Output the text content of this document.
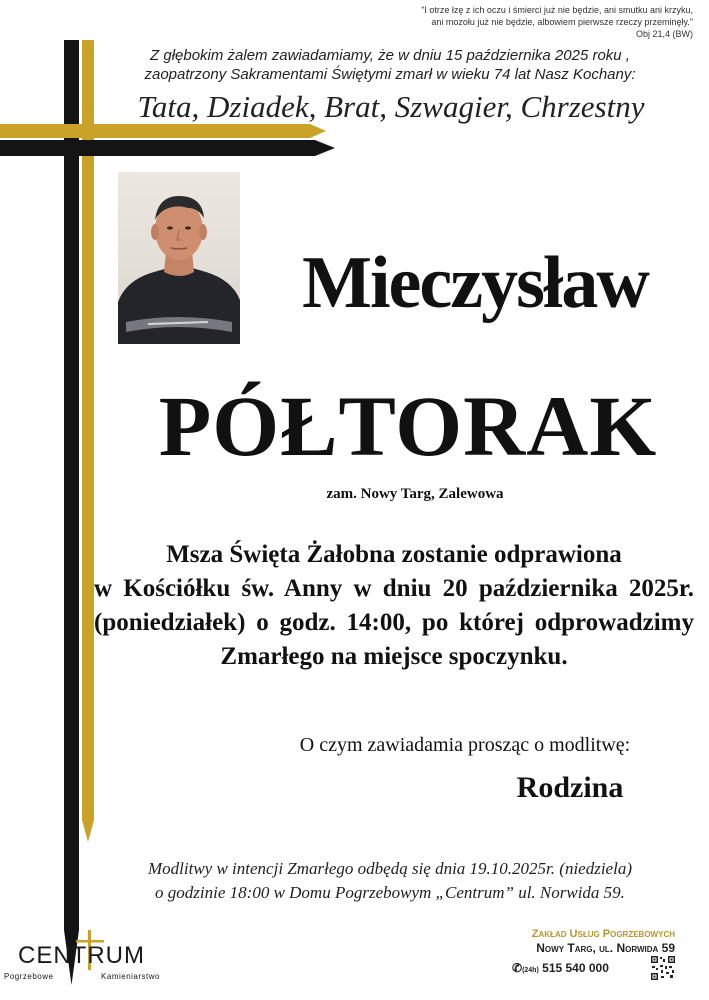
"I otrze łzę z ich oczu i śmierci już nie będzie, ani smutku ani krzyku,
ani mozołu już nie będzie, albowiem pierwsze rzeczy przeminęły."
Obj 21,4 (BW)
Z głębokim żalem zawiadamiamy, że w dniu 15 października 2025 roku ,
zaopatrzony Sakramentami Świętymi zmarł w wieku 74 lat Nasz Kochany:
Tata, Dziadek, Brat, Szwagier, Chrzestny
Mieczysław
PÓŁTORAK
zam. Nowy Targ, Zalewowa
Msza Święta Żałobna zostanie odprawiona
w Kościółku św. Anny w dniu 20 października 2025r.
(poniedziałek) o godz. 14:00, po której odprowadzimy
Zmarłego na miejsce spoczynku.
O czym zawiadamia prosząc o modlitwę:
Rodzina
Modlitwy w intencji Zmarłego odbędą się dnia 19.10.2025r. (niedziela)
o godzinie 18:00 w Domu Pogrzebowym „Centrum” ul. Norwida 59.
CENTRUM
Pogrzebowe	Kamieniarstwo
Zakład Usług Pogrzebowych
Nowy Targ, ul. Norwida 59
✆(24h) 515 540 000
